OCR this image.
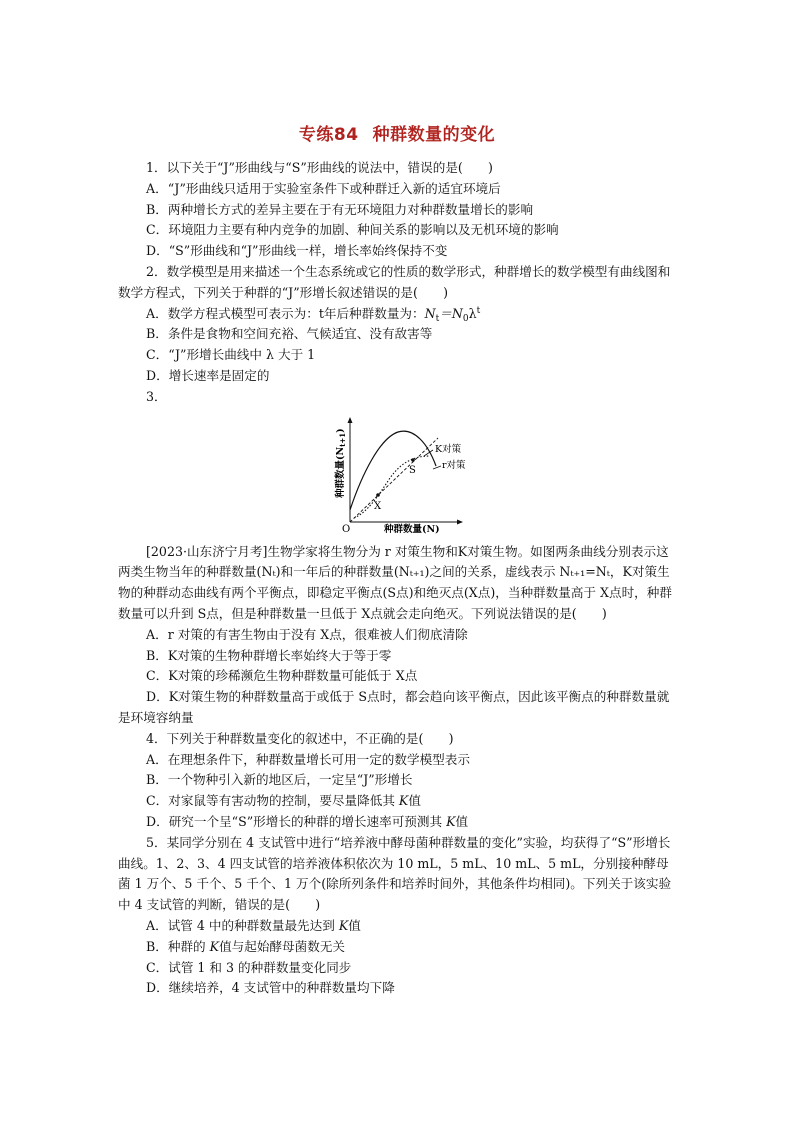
专练84 种群数量的变化

1．以下关于“J”形曲线与“S”形曲线的说法中，错误的是(　　)

A．“J”形曲线只适用于实验室条件下或种群迁入新的适宜环境后

B．两种增长方式的差异主要在于有无环境阻力对种群数量增长的影响

C．环境阻力主要有种内竞争的加剧、种间关系的影响以及无机环境的影响

D．“S”形曲线和“J”形曲线一样，增长率始终保持不变

2．数学模型是用来描述一个生态系统或它的性质的数学形式，种群增长的数学模型有曲线图和数学方程式，下列关于种群的“J”形增长叙述错误的是(　　)

A．数学方程式模型可表示为：t年后种群数量为：$N_t=N_0\lambda^t$

B．条件是食物和空间充裕、气候适宜、没有敌害等

C．“J”形增长曲线中 λ 大于 1

D．增长速率是固定的

3．

O	种群数量(N)
种群数量$(N_{t+1})$
K对策
r对策
S
X

[2023·山东济宁月考]生物学家将生物分为 r 对策生物和K对策生物。如图两条曲线分别表示这两类生物当年的种群数量(Nₜ)和一年后的种群数量(Nₜ₊₁)之间的关系，虚线表示 Nₜ₊₁=Nₜ，K对策生物的种群动态曲线有两个平衡点，即稳定平衡点(S点)和绝灭点(X点)，当种群数量高于 X点时，种群数量可以升到 S点，但是种群数量一旦低于 X点就会走向绝灭。下列说法错误的是(　　)

A．r 对策的有害生物由于没有 X点，很难被人们彻底清除

B．K对策的生物种群增长率始终大于等于零

C．K对策的珍稀濒危生物种群数量可能低于 X点

D．K对策生物的种群数量高于或低于 S点时，都会趋向该平衡点，因此该平衡点的种群数量就是环境容纳量

4．下列关于种群数量变化的叙述中，不正确的是(　　)

A．在理想条件下，种群数量增长可用一定的数学模型表示

B．一个物种引入新的地区后，一定呈“J”形增长

C．对家鼠等有害动物的控制，要尽量降低其 K值

D．研究一个呈“S”形增长的种群的增长速率可预测其 K值

5．某同学分别在 4 支试管中进行“培养液中酵母菌种群数量的变化”实验，均获得了“S”形增长曲线。1、2、3、4 四支试管的培养液体积依次为 10 mL，5 mL、10 mL、5 mL，分别接种酵母菌 1 万个、5 千个、5 千个、1 万个(除所列条件和培养时间外，其他条件均相同)。下列关于该实验中 4 支试管的判断，错误的是(　　)

A．试管 4 中的种群数量最先达到 K值

B．种群的 K值与起始酵母菌数无关

C．试管 1 和 3 的种群数量变化同步

D．继续培养，4 支试管中的种群数量均下降
